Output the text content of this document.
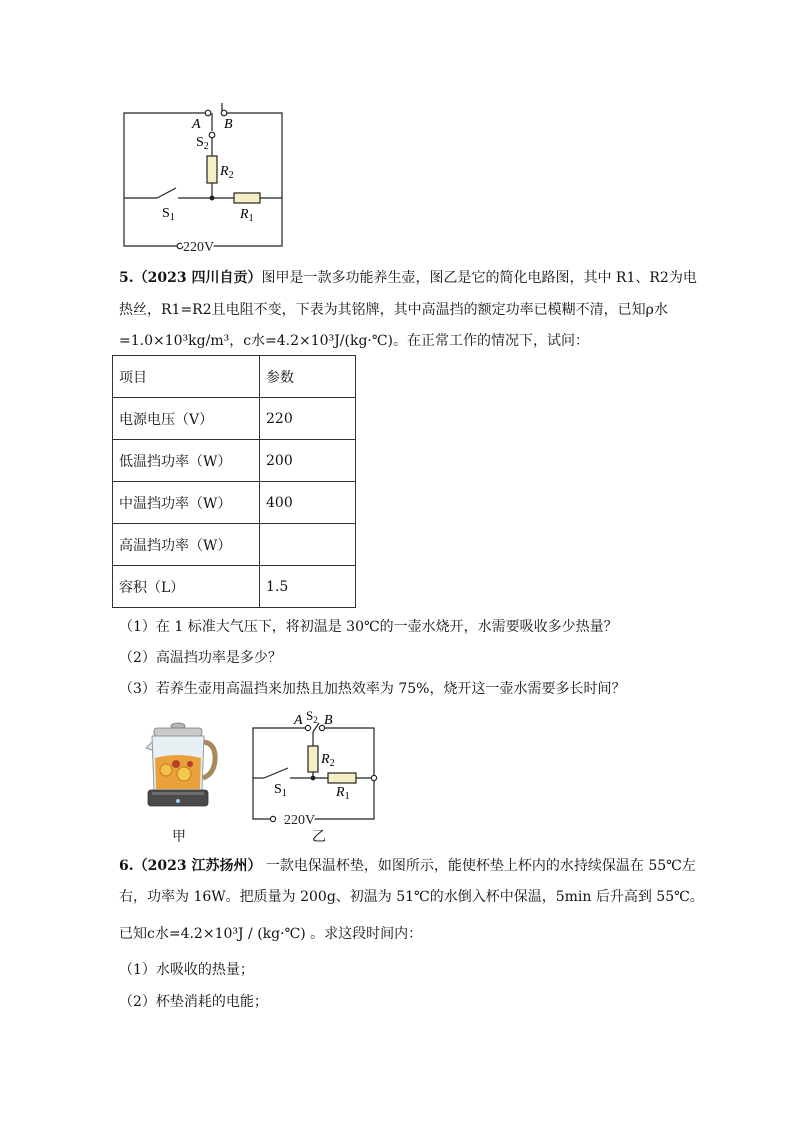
A B
$S_2$
$R_2$
$S_1$	$R_1$
220V
5.（2023 四川自贡）图甲是一款多功能养生壶，图乙是它的简化电路图，其中 R1、R2为电
热丝，R1=R2且电阻不变，下表为其铭牌，其中高温挡的额定功率已模糊不清，已知ρ水
=1.0×10³kg/m³，c水=4.2×10³J/(kg·℃)。在正常工作的情况下，试问：
项目	参数
电源电压（V）	220
低温挡功率（W）	200
中温挡功率（W）	400
高温挡功率（W）	
容积（L）	1.5
（1）在 1 标准大气压下，将初温是 30℃的一壶水烧开，水需要吸收多少热量？
（2）高温挡功率是多少？
（3）若养生壶用高温挡来加热且加热效率为 75%，烧开这一壶水需要多长时间？
甲
A $S_2$ B
$R_2$
$S_1$	$R_1$
220V
乙
6.（2023 江苏扬州） 一款电保温杯垫，如图所示，能使杯垫上杯内的水持续保温在 55℃左
右，功率为 16W。把质量为 200g、初温为 51℃的水倒入杯中保温，5min 后升高到 55℃。
已知c水=4.2×10³J / (kg·℃) 。求这段时间内：
（1）水吸收的热量；
（2）杯垫消耗的电能；
